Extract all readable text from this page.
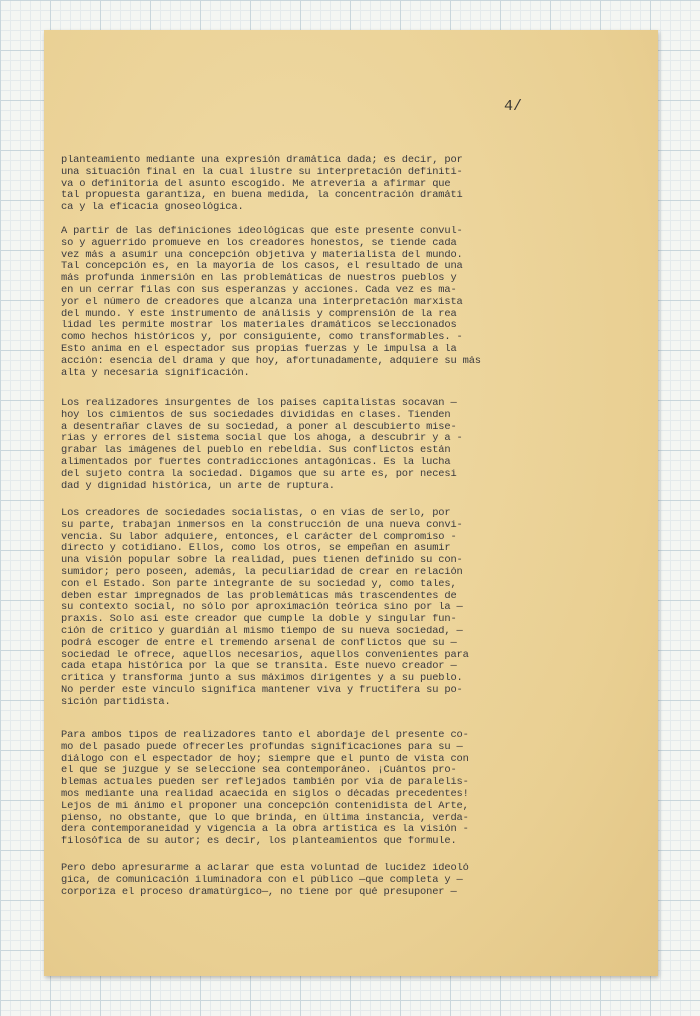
4/
planteamiento mediante una expresión dramática dada; es decir, por
una situación final en la cual ilustre su interpretación definiti-
va o definitoria del asunto escogido. Me atrevería a afirmar que
tal propuesta garantiza, en buena medida, la concentración dramáti
ca y la eficacia gnoseológica.
A partir de las definiciones ideológicas que este presente convul-
so y aguerrido promueve en los creadores honestos, se tiende cada
vez más a asumir una concepción objetiva y materialista del mundo.
Tal concepción es, en la mayoría de los casos, el resultado de una
más profunda inmersión en las problemáticas de nuestros pueblos y
en un cerrar filas con sus esperanzas y acciones. Cada vez es ma-
yor el número de creadores que alcanza una interpretación marxista
del mundo. Y este instrumento de análisis y comprensión de la rea
lidad les permite mostrar los materiales dramáticos seleccionados
como hechos históricos y, por consiguiente, como transformables. -
Esto anima en el espectador sus propias fuerzas y le impulsa a la
acción: esencia del drama y que hoy, afortunadamente, adquiere su más
alta y necesaria significación.
Los realizadores insurgentes de los países capitalistas socavan —
hoy los cimientos de sus sociedades divididas en clases. Tienden
a desentrañar claves de su sociedad, a poner al descubierto mise-
rias y errores del sistema social que los ahoga, a descubrir y a -
grabar las imágenes del pueblo en rebeldía. Sus conflictos están
alimentados por fuertes contradicciones antagónicas. Es la lucha
del sujeto contra la sociedad. Digamos que su arte es, por necesi
dad y dignidad histórica, un arte de ruptura.
Los creadores de sociedades socialistas, o en vías de serlo, por
su parte, trabajan inmersos en la construcción de una nueva convi-
vencia. Su labor adquiere, entonces, el carácter del compromiso -
directo y cotidiano. Ellos, como los otros, se empeñan en asumir
una visión popular sobre la realidad, pues tienen definido su con-
sumidor; pero poseen, además, la peculiaridad de crear en relación
con el Estado. Son parte integrante de su sociedad y, como tales,
deben estar impregnados de las problemáticas más trascendentes de
su contexto social, no sólo por aproximación teórica sino por la —
praxis. Solo así este creador que cumple la doble y singular fun-
ción de crítico y guardián al mismo tiempo de su nueva sociedad, —
podrá escoger de entre el tremendo arsenal de conflictos que su —
sociedad le ofrece, aquellos necesarios, aquellos convenientes para
cada etapa histórica por la que se transita. Este nuevo creador —
critica y transforma junto a sus máximos dirigentes y a su pueblo.
No perder este vínculo significa mantener viva y fructífera su po-
sición partidista.
Para ambos tipos de realizadores tanto el abordaje del presente co-
mo del pasado puede ofrecerles profundas significaciones para su —
diálogo con el espectador de hoy; siempre que el punto de vista con
el que se juzgue y se seleccione sea contemporáneo. ¡Cuántos pro-
blemas actuales pueden ser reflejados también por vía de paralelis-
mos mediante una realidad acaecida en siglos o décadas precedentes!
Lejos de mi ánimo el proponer una concepción contenidista del Arte,
pienso, no obstante, que lo que brinda, en última instancia, verda-
dera contemporaneidad y vigencia a la obra artística es la visión -
filosófica de su autor; es decir, los planteamientos que formule.
Pero debo apresurarme a aclarar que esta voluntad de lucidez ideoló
gica, de comunicación iluminadora con el público —que completa y —
corporiza el proceso dramatúrgico—, no tiene por qué presuponer —
